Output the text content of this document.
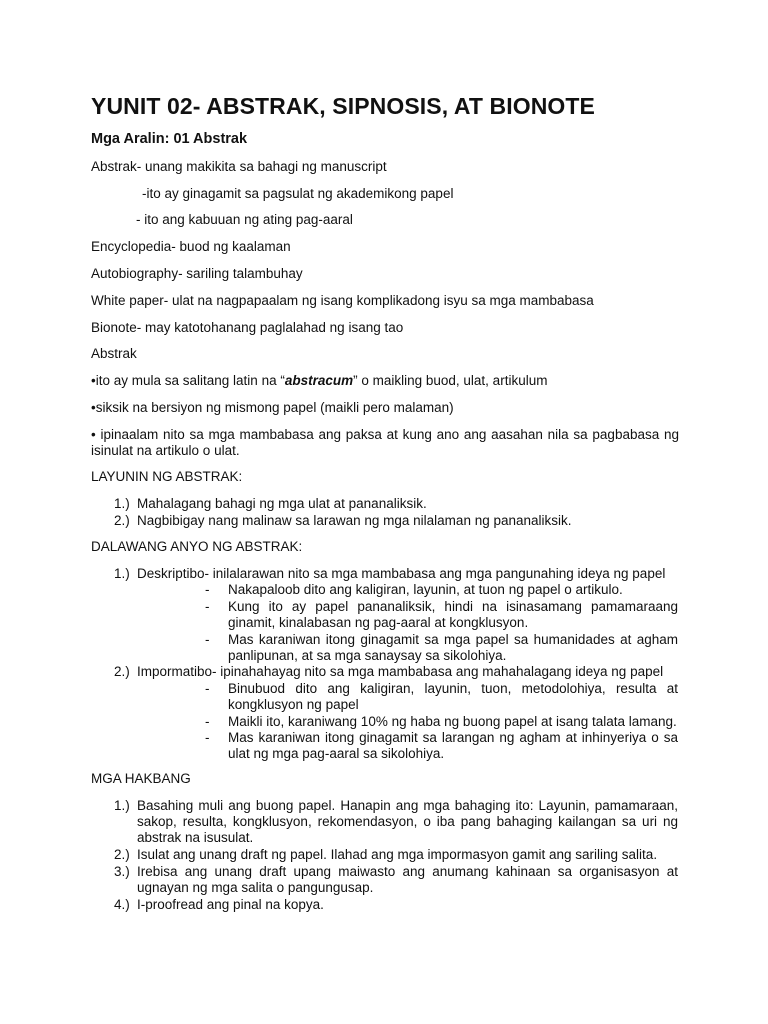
YUNIT 02- ABSTRAK, SIPNOSIS, AT BIONOTE
Mga Aralin: 01 Abstrak

Abstrak- unang makikita sa bahagi ng manuscript

-ito ay ginagamit sa pagsulat ng akademikong papel

- ito ang kabuuan ng ating pag-aaral

Encyclopedia- buod ng kaalaman

Autobiography- sariling talambuhay

White paper- ulat na nagpapaalam ng isang komplikadong isyu sa mga mambabasa

Bionote- may katotohanang paglalahad ng isang tao

Abstrak

•ito ay mula sa salitang latin na “abstracum” o maikling buod, ulat, artikulum

•siksik na bersiyon ng mismong papel (maikli pero malaman)

• ipinaalam nito sa mga mambabasa ang paksa at kung ano ang aasahan nila sa pagbabasa ng isinulat na artikulo o ulat.

LAYUNIN NG ABSTRAK:

1.) Mahalagang bahagi ng mga ulat at pananaliksik.
2.) Nagbibigay nang malinaw sa larawan ng mga nilalaman ng pananaliksik.

DALAWANG ANYO NG ABSTRAK:

1.) Deskriptibo- inilalarawan nito sa mga mambabasa ang mga pangunahing ideya ng papel
- Nakapaloob dito ang kaligiran, layunin, at tuon ng papel o artikulo.
- Kung ito ay papel pananaliksik, hindi na isinasamang pamamaraang ginamit, kinalabasan ng pag-aaral at kongklusyon.
- Mas karaniwan itong ginagamit sa mga papel sa humanidades at agham panlipunan, at sa mga sanaysay sa sikolohiya.
2.) Impormatibo- ipinahahayag nito sa mga mambabasa ang mahahalagang ideya ng papel
- Binubuod dito ang kaligiran, layunin, tuon, metodolohiya, resulta at kongklusyon ng papel
- Maikli ito, karaniwang 10% ng haba ng buong papel at isang talata lamang.
- Mas karaniwan itong ginagamit sa larangan ng agham at inhinyeriya o sa ulat ng mga pag-aaral sa sikolohiya.

MGA HAKBANG

1.) Basahing muli ang buong papel. Hanapin ang mga bahaging ito: Layunin, pamamaraan, sakop, resulta, kongklusyon, rekomendasyon, o iba pang bahaging kailangan sa uri ng abstrak na isusulat.
2.) Isulat ang unang draft ng papel. Ilahad ang mga impormasyon gamit ang sariling salita.
3.) Irebisa ang unang draft upang maiwasto ang anumang kahinaan sa organisasyon at ugnayan ng mga salita o pangungusap.
4.) I-proofread ang pinal na kopya.
